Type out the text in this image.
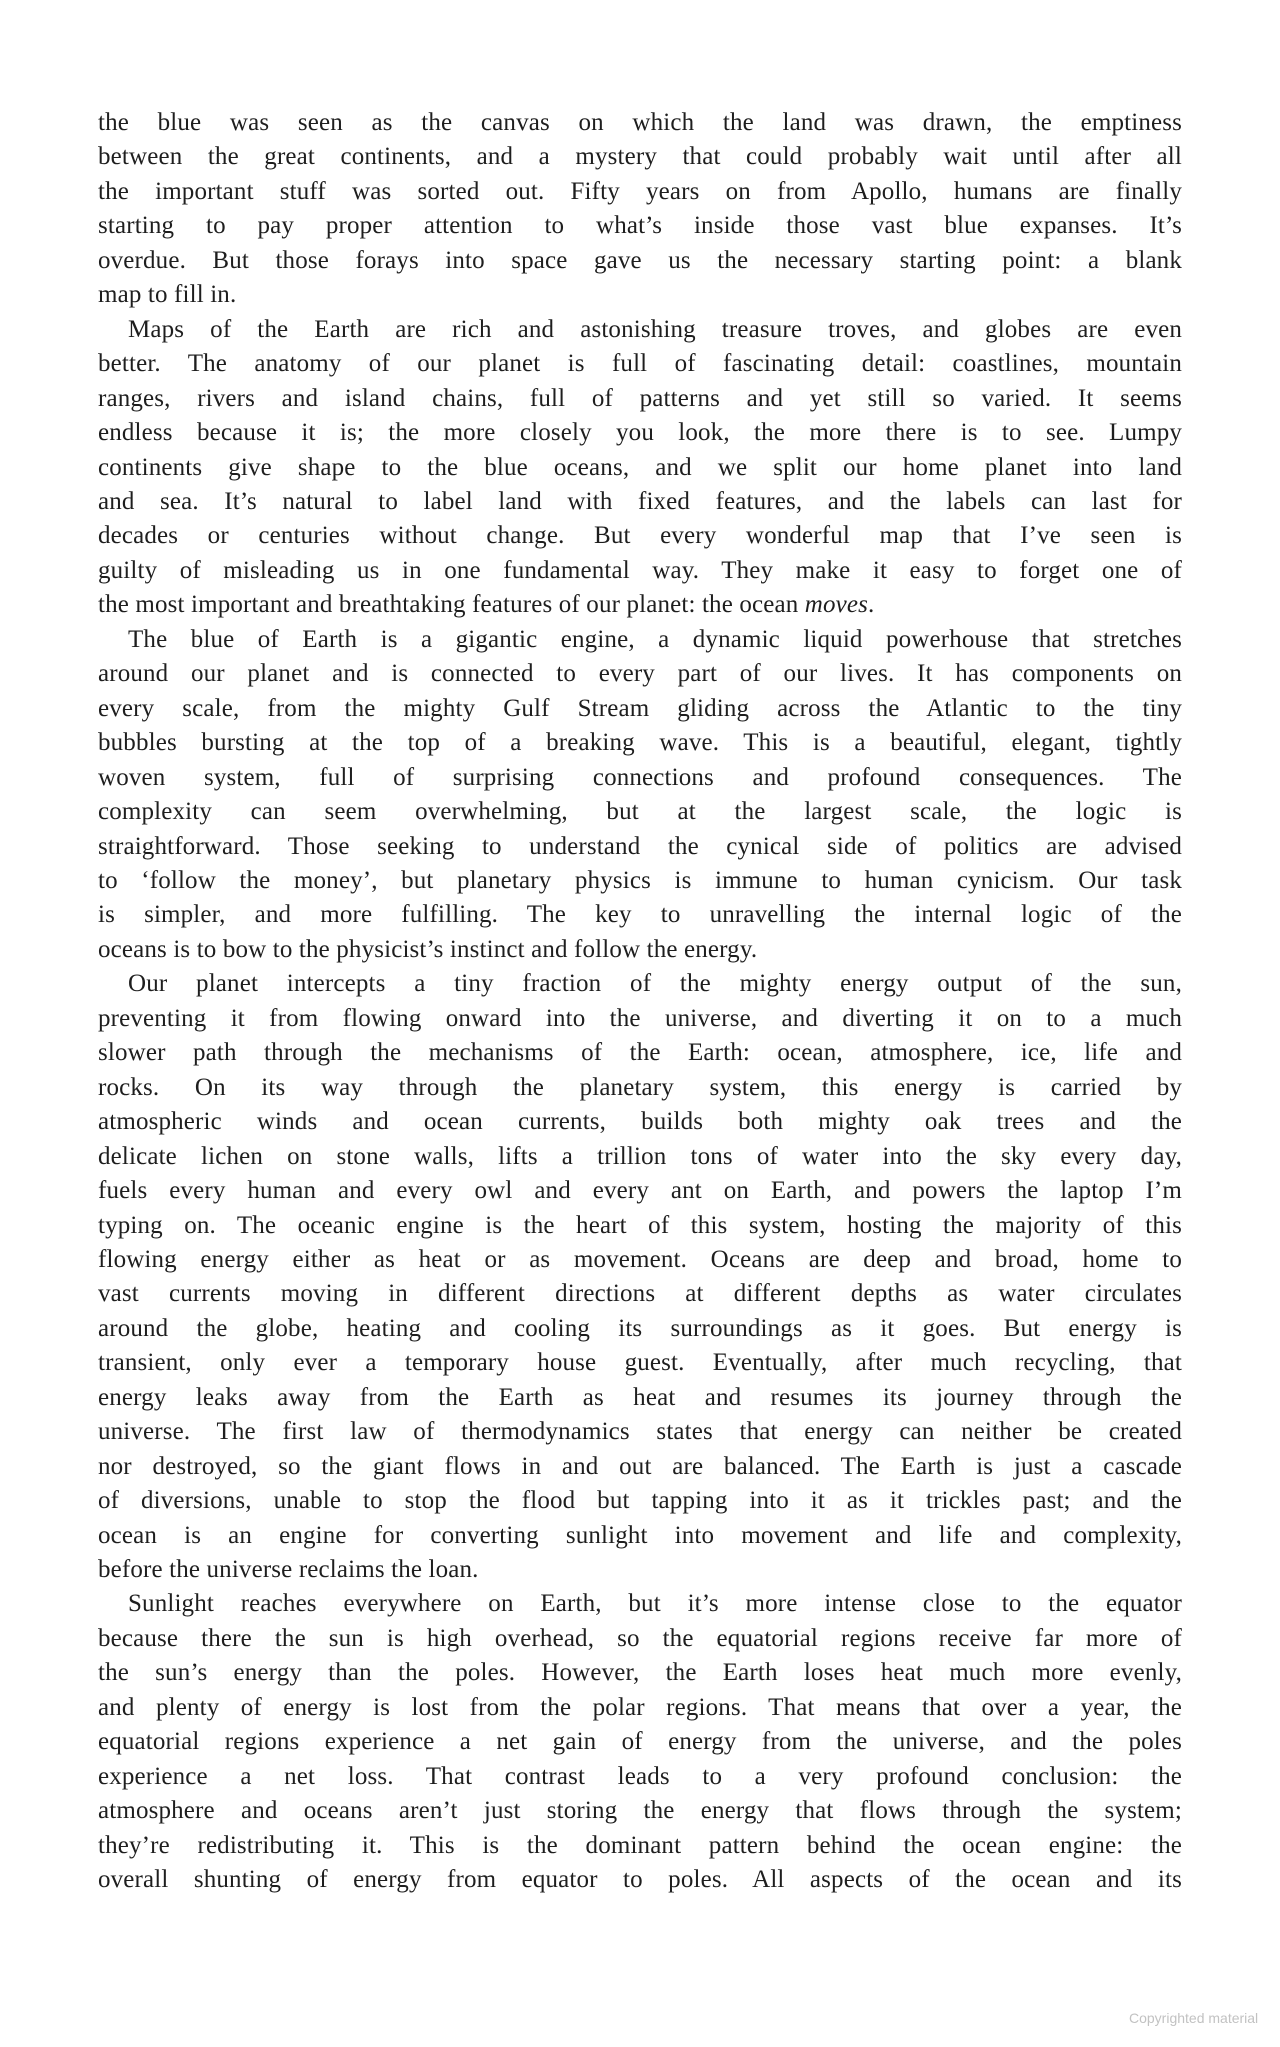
the blue was seen as the canvas on which the land was drawn, the emptiness
between the great continents, and a mystery that could probably wait until after all
the important stuff was sorted out. Fifty years on from Apollo, humans are finally
starting to pay proper attention to what’s inside those vast blue expanses. It’s
overdue. But those forays into space gave us the necessary starting point: a blank
map to fill in.
Maps of the Earth are rich and astonishing treasure troves, and globes are even
better. The anatomy of our planet is full of fascinating detail: coastlines, mountain
ranges, rivers and island chains, full of patterns and yet still so varied. It seems
endless because it is; the more closely you look, the more there is to see. Lumpy
continents give shape to the blue oceans, and we split our home planet into land
and sea. It’s natural to label land with fixed features, and the labels can last for
decades or centuries without change. But every wonderful map that I’ve seen is
guilty of misleading us in one fundamental way. They make it easy to forget one of
the most important and breathtaking features of our planet: the ocean moves.
The blue of Earth is a gigantic engine, a dynamic liquid powerhouse that stretches
around our planet and is connected to every part of our lives. It has components on
every scale, from the mighty Gulf Stream gliding across the Atlantic to the tiny
bubbles bursting at the top of a breaking wave. This is a beautiful, elegant, tightly
woven system, full of surprising connections and profound consequences. The
complexity can seem overwhelming, but at the largest scale, the logic is
straightforward. Those seeking to understand the cynical side of politics are advised
to ‘follow the money’, but planetary physics is immune to human cynicism. Our task
is simpler, and more fulfilling. The key to unravelling the internal logic of the
oceans is to bow to the physicist’s instinct and follow the energy.
Our planet intercepts a tiny fraction of the mighty energy output of the sun,
preventing it from flowing onward into the universe, and diverting it on to a much
slower path through the mechanisms of the Earth: ocean, atmosphere, ice, life and
rocks. On its way through the planetary system, this energy is carried by
atmospheric winds and ocean currents, builds both mighty oak trees and the
delicate lichen on stone walls, lifts a trillion tons of water into the sky every day,
fuels every human and every owl and every ant on Earth, and powers the laptop I’m
typing on. The oceanic engine is the heart of this system, hosting the majority of this
flowing energy either as heat or as movement. Oceans are deep and broad, home to
vast currents moving in different directions at different depths as water circulates
around the globe, heating and cooling its surroundings as it goes. But energy is
transient, only ever a temporary house guest. Eventually, after much recycling, that
energy leaks away from the Earth as heat and resumes its journey through the
universe. The first law of thermodynamics states that energy can neither be created
nor destroyed, so the giant flows in and out are balanced. The Earth is just a cascade
of diversions, unable to stop the flood but tapping into it as it trickles past; and the
ocean is an engine for converting sunlight into movement and life and complexity,
before the universe reclaims the loan.
Sunlight reaches everywhere on Earth, but it’s more intense close to the equator
because there the sun is high overhead, so the equatorial regions receive far more of
the sun’s energy than the poles. However, the Earth loses heat much more evenly,
and plenty of energy is lost from the polar regions. That means that over a year, the
equatorial regions experience a net gain of energy from the universe, and the poles
experience a net loss. That contrast leads to a very profound conclusion: the
atmosphere and oceans aren’t just storing the energy that flows through the system;
they’re redistributing it. This is the dominant pattern behind the ocean engine: the
overall shunting of energy from equator to poles. All aspects of the ocean and its
Copyrighted material
